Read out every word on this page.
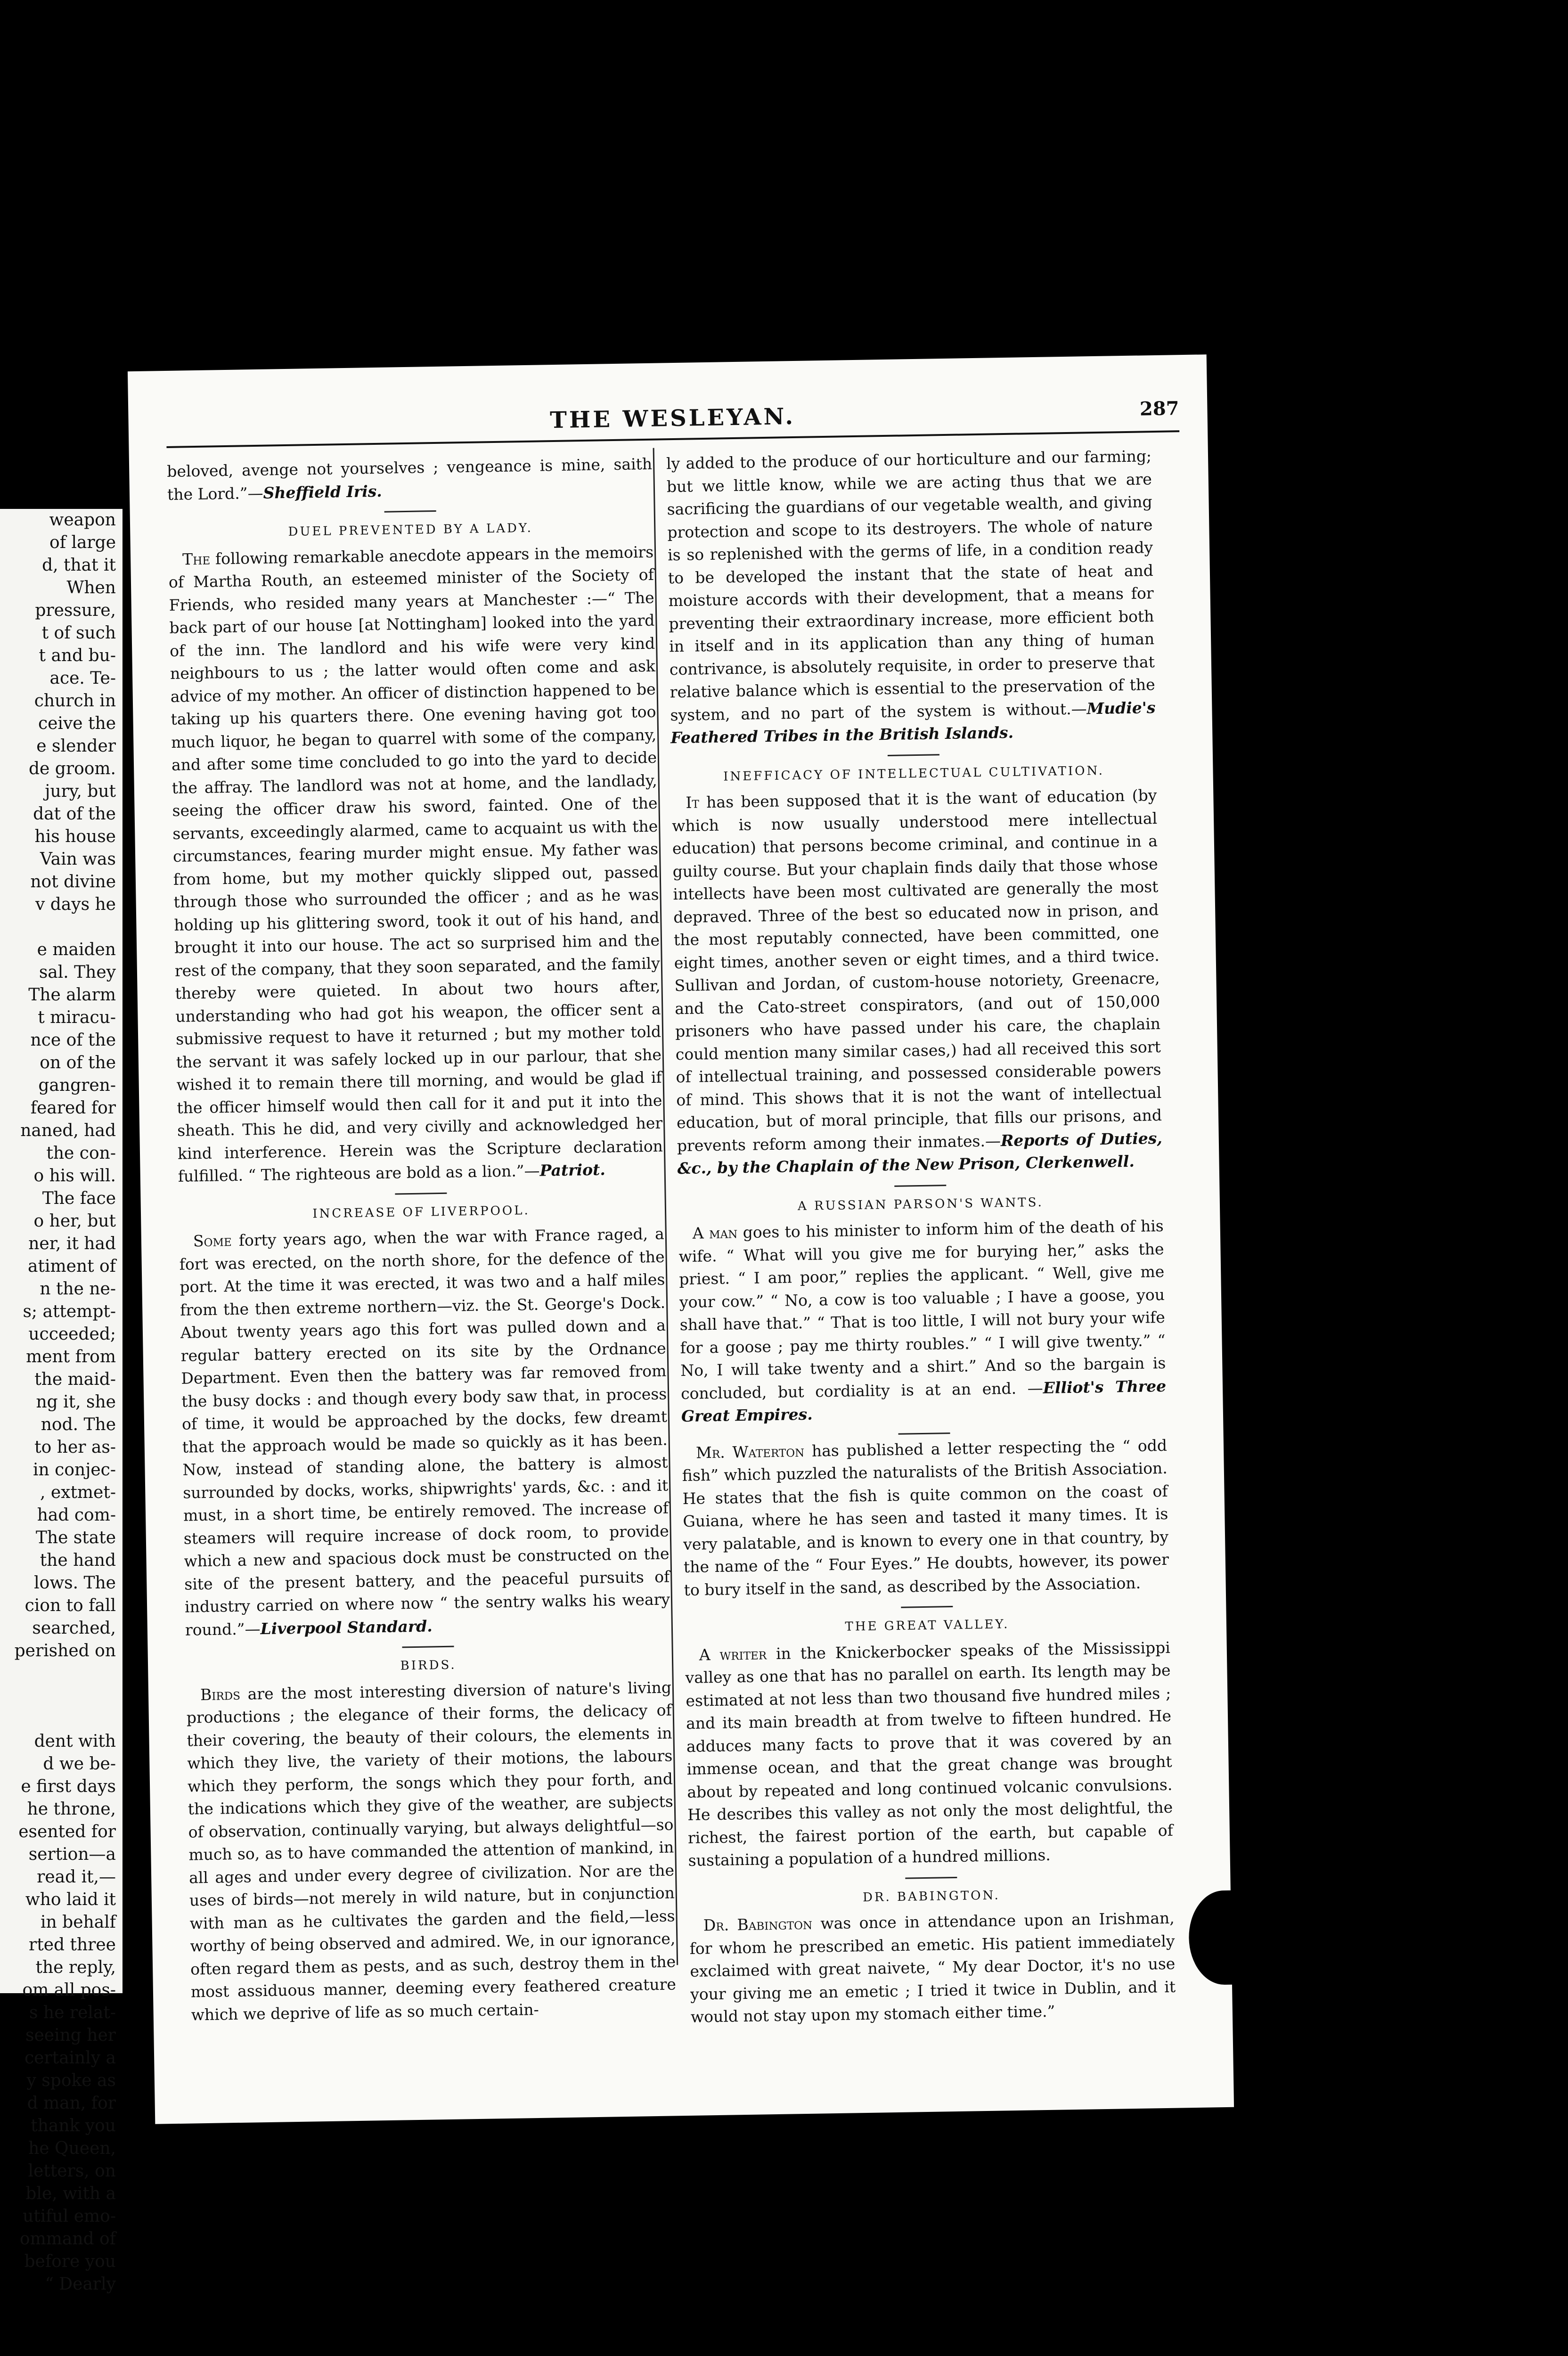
weapon
of large
d, that it
When
pressure,
t of such
t and bu-
ace. Te-
church in
ceive the
e slender
de groom.
jury, but
dat of the
his house
Vain was
not divine
v days he

e maiden
sal. They
The alarm
t miracu-
nce of the
on of the
gangren-
feared for
naned, had
the con-
o his will.
The face
o her, but
ner, it had
atiment of
n the ne-
s; attempt-
ucceeded;
ment from
the maid-
ng it, she
nod. The
to her as-
in conjec-
, extmet-
had com-
The state
the hand
lows. The
cion to fall
searched,
perished on

dent with
d we be-
e first days
he throne,
esented for
sertion—a
read it,—
who laid it
in behalf
rted three
the reply,
om all pos-
s he relat-
seeing her
certainly a
y spoke as
d man, for
thank you
he Queen,
letters, on
ble, with a
utiful emo-
ommand of
before you
“ Dearly
THE WESLEYAN.	287

beloved, avenge not yourselves ; vengeance is mine, saith the Lord.”—Sheffield Iris.

DUEL PREVENTED BY A LADY.

The following remarkable anecdote appears in the memoirs of Martha Routh, an esteemed minister of the Society of Friends, who resided many years at Manchester :—“ The back part of our house [at Nottingham] looked into the yard of the inn. The landlord and his wife were very kind neighbours to us ; the latter would often come and ask advice of my mother. An officer of distinction happened to be taking up his quarters there. One evening having got too much liquor, he began to quarrel with some of the company, and after some time concluded to go into the yard to decide the affray. The landlord was not at home, and the landlady, seeing the officer draw his sword, fainted. One of the servants, exceedingly alarmed, came to acquaint us with the circumstances, fearing murder might ensue. My father was from home, but my mother quickly slipped out, passed through those who surrounded the officer ; and as he was holding up his glittering sword, took it out of his hand, and brought it into our house. The act so surprised him and the rest of the company, that they soon separated, and the family thereby were quieted. In about two hours after, understanding who had got his weapon, the officer sent a submissive request to have it returned ; but my mother told the servant it was safely locked up in our parlour, that she wished it to remain there till morning, and would be glad if the officer himself would then call for it and put it into the sheath. This he did, and very civilly and acknowledged her kind interference. Herein was the Scripture declaration fulfilled. “ The righteous are bold as a lion.”—Patriot.

INCREASE OF LIVERPOOL.

Some forty years ago, when the war with France raged, a fort was erected, on the north shore, for the defence of the port. At the time it was erected, it was two and a half miles from the then extreme northern—viz. the St. George's Dock. About twenty years ago this fort was pulled down and a regular battery erected on its site by the Ordnance Department. Even then the battery was far removed from the busy docks : and though every body saw that, in process of time, it would be approached by the docks, few dreamt that the approach would be made so quickly as it has been. Now, instead of standing alone, the battery is almost surrounded by docks, works, shipwrights' yards, &c. : and it must, in a short time, be entirely removed. The increase of steamers will require increase of dock room, to provide which a new and spacious dock must be constructed on the site of the present battery, and the peaceful pursuits of industry carried on where now “ the sentry walks his weary round.”—Liverpool Standard.

BIRDS.

Birds are the most interesting diversion of nature's living productions ; the elegance of their forms, the delicacy of their covering, the beauty of their colours, the elements in which they live, the variety of their motions, the labours which they perform, the songs which they pour forth, and the indications which they give of the weather, are subjects of observation, continually varying, but always delightful—so much so, as to have commanded the attention of mankind, in all ages and under every degree of civilization. Nor are the uses of birds—not merely in wild nature, but in conjunction with man as he cultivates the garden and the field,—less worthy of being observed and admired. We, in our ignorance, often regard them as pests, and as such, destroy them in the most assiduous manner, deeming every feathered creature which we deprive of life as so much certain-

ly added to the produce of our horticulture and our farming; but we little know, while we are acting thus that we are sacrificing the guardians of our vegetable wealth, and giving protection and scope to its destroyers. The whole of nature is so replenished with the germs of life, in a condition ready to be developed the instant that the state of heat and moisture accords with their development, that a means for preventing their extraordinary increase, more efficient both in itself and in its application than any thing of human contrivance, is absolutely requisite, in order to preserve that relative balance which is essential to the preservation of the system, and no part of the system is without.—Mudie's Feathered Tribes in the British Islands.

INEFFICACY OF INTELLECTUAL CULTIVATION.

It has been supposed that it is the want of education (by which is now usually understood mere intellectual education) that persons become criminal, and continue in a guilty course. But your chaplain finds daily that those whose intellects have been most cultivated are generally the most depraved. Three of the best so educated now in prison, and the most reputably connected, have been committed, one eight times, another seven or eight times, and a third twice. Sullivan and Jordan, of custom-house notoriety, Greenacre, and the Cato-street conspirators, (and out of 150,000 prisoners who have passed under his care, the chaplain could mention many similar cases,) had all received this sort of intellectual training, and possessed considerable powers of mind. This shows that it is not the want of intellectual education, but of moral principle, that fills our prisons, and prevents reform among their inmates.—Reports of Duties, &c., by the Chaplain of the New Prison, Clerkenwell.

A RUSSIAN PARSON'S WANTS.

A man goes to his minister to inform him of the death of his wife. “ What will you give me for burying her,” asks the priest. “ I am poor,” replies the applicant. “ Well, give me your cow.” “ No, a cow is too valuable ; I have a goose, you shall have that.” “ That is too little, I will not bury your wife for a goose ; pay me thirty roubles.” “ I will give twenty.” “ No, I will take twenty and a shirt.” And so the bargain is concluded, but cordiality is at an end. —Elliot's Three Great Empires.

Mr. Waterton has published a letter respecting the “ odd fish” which puzzled the naturalists of the British Association. He states that the fish is quite common on the coast of Guiana, where he has seen and tasted it many times. It is very palatable, and is known to every one in that country, by the name of the “ Four Eyes.” He doubts, however, its power to bury itself in the sand, as described by the Association.

THE GREAT VALLEY.

A writer in the Knickerbocker speaks of the Mississippi valley as one that has no parallel on earth. Its length may be estimated at not less than two thousand five hundred miles ; and its main breadth at from twelve to fifteen hundred. He adduces many facts to prove that it was covered by an immense ocean, and that the great change was brought about by repeated and long continued volcanic convulsions. He describes this valley as not only the most delightful, the richest, the fairest portion of the earth, but capable of sustaining a population of a hundred millions.

DR. BABINGTON.

Dr. Babington was once in attendance upon an Irishman, for whom he prescribed an emetic. His patient immediately exclaimed with great naivete, “ My dear Doctor, it's no use your giving me an emetic ; I tried it twice in Dublin, and it would not stay upon my stomach either time.”
